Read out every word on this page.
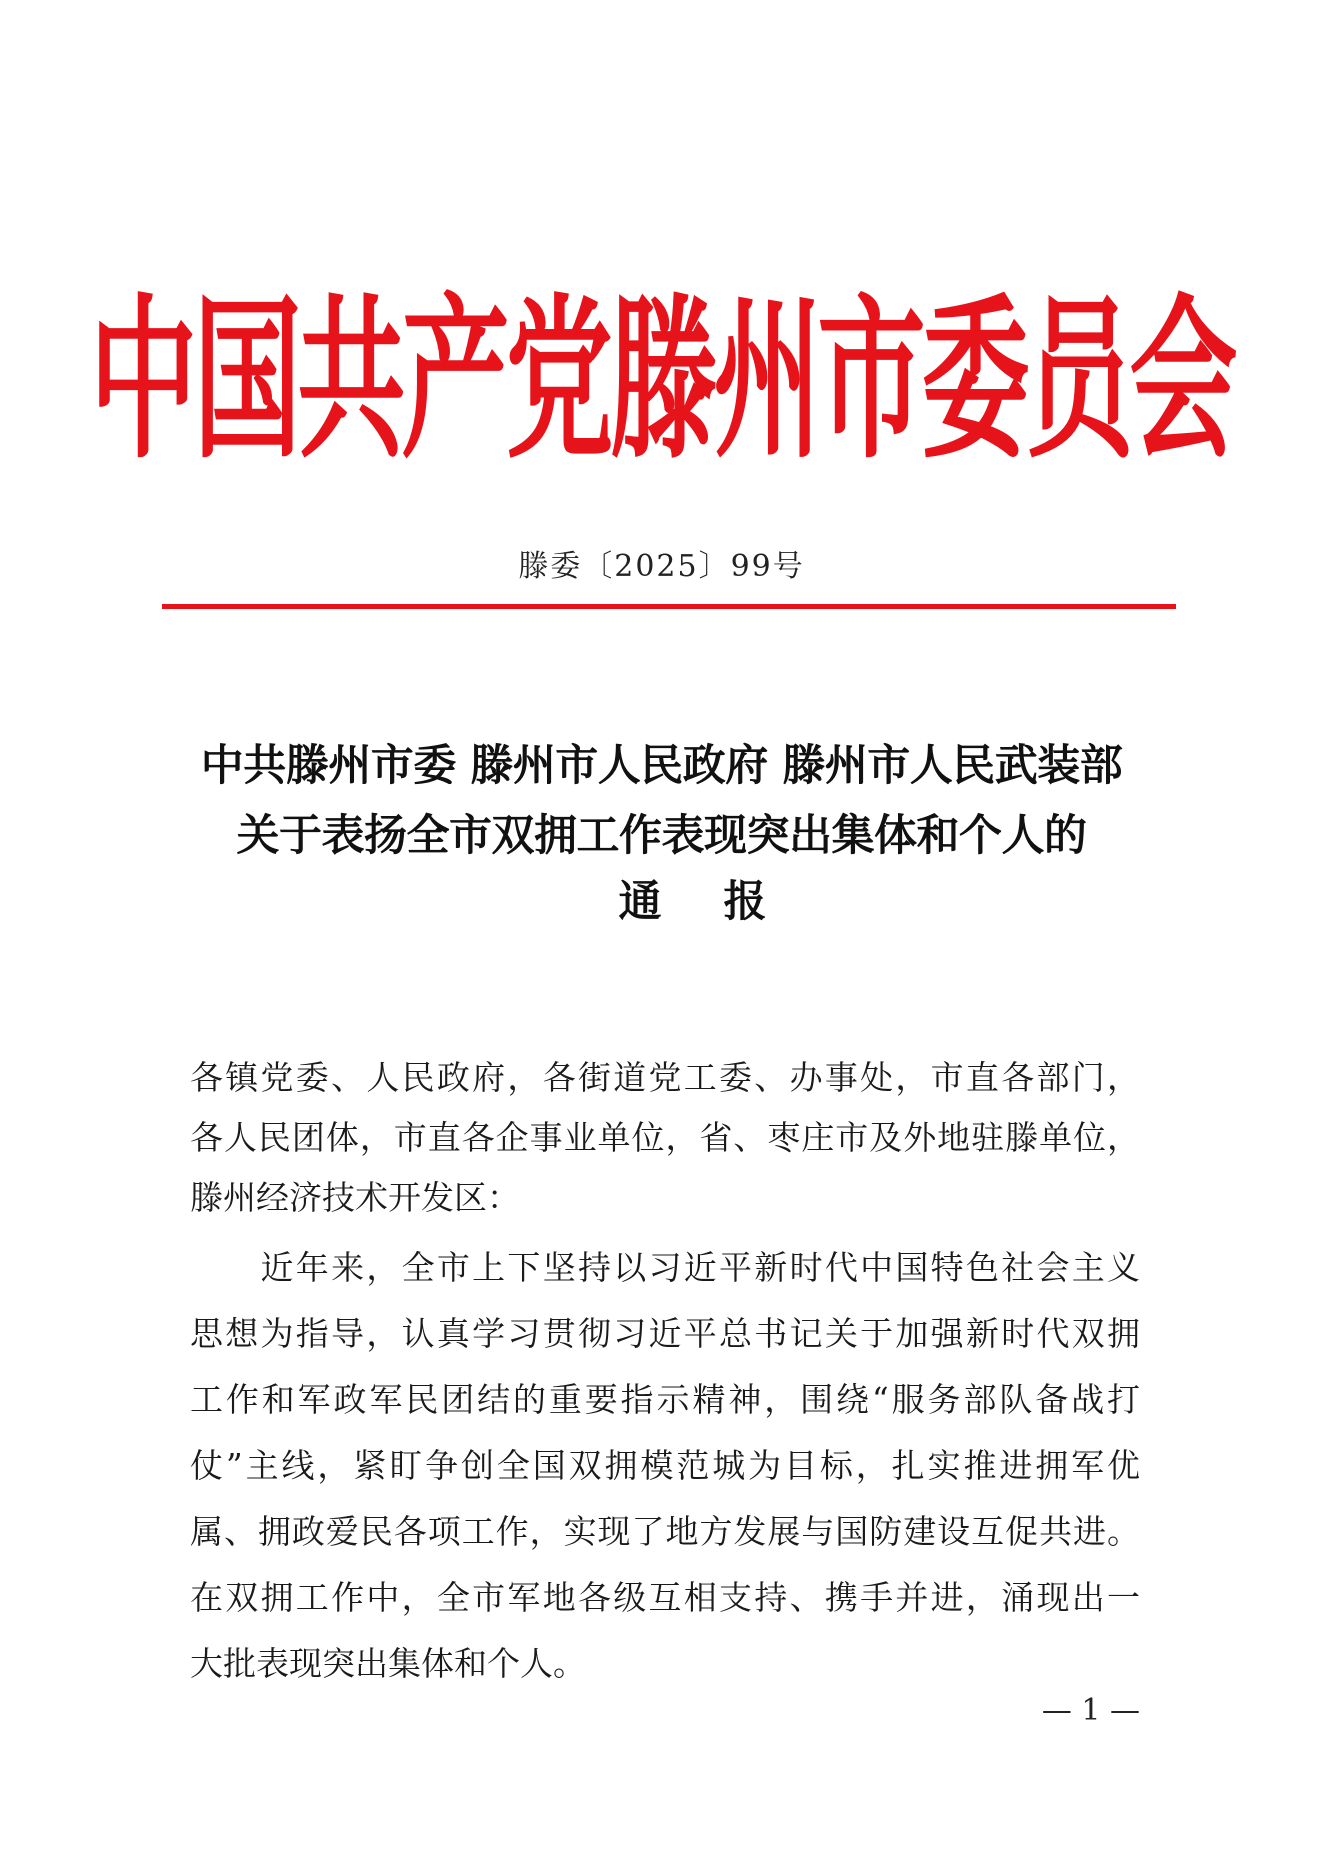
中国共产党滕州市委员会
滕委〔2025〕99号
中共滕州市委 滕州市人民政府 滕州市人民武装部
关于表扬全市双拥工作表现突出集体和个人的
通报
各镇党委、人民政府，各街道党工委、办事处，市直各部门，
各人民团体，市直各企事业单位，省、枣庄市及外地驻滕单位，
滕州经济技术开发区：
　　近年来，全市上下坚持以习近平新时代中国特色社会主义
思想为指导，认真学习贯彻习近平总书记关于加强新时代双拥
工作和军政军民团结的重要指示精神，围绕“服务部队备战打
仗”主线，紧盯争创全国双拥模范城为目标，扎实推进拥军优
属、拥政爱民各项工作，实现了地方发展与国防建设互促共进。
在双拥工作中，全市军地各级互相支持、携手并进，涌现出一
大批表现突出集体和个人。
— 1 —
